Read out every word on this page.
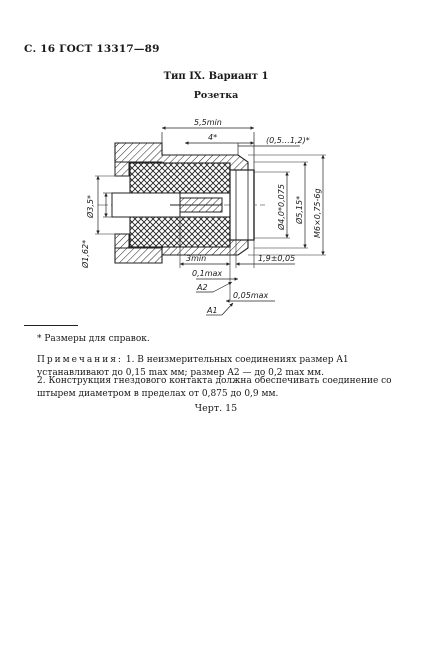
С. 16 ГОСТ 13317—89
Тип IX. Вариант 1
Розетка
5,5min
4*	(0,5…1,2)*
Ø3,5*
Ø1,62*
Ø4,0*0,075 Ø5,15* M6×0,75-6g
3min	1,9±0,05
0,1max
A2
0,05max
A1
* Размеры для справок.

Примечания: 1. В неизмерительных соединениях размер A1 устанавливают до 0,15 max мм; размер A2 — до 0,2 max мм.

2. Конструкция гнездового контакта должна обеспечивать соединение со штырем диаметром в пределах от 0,875 до 0,9 мм.

Черт. 15
